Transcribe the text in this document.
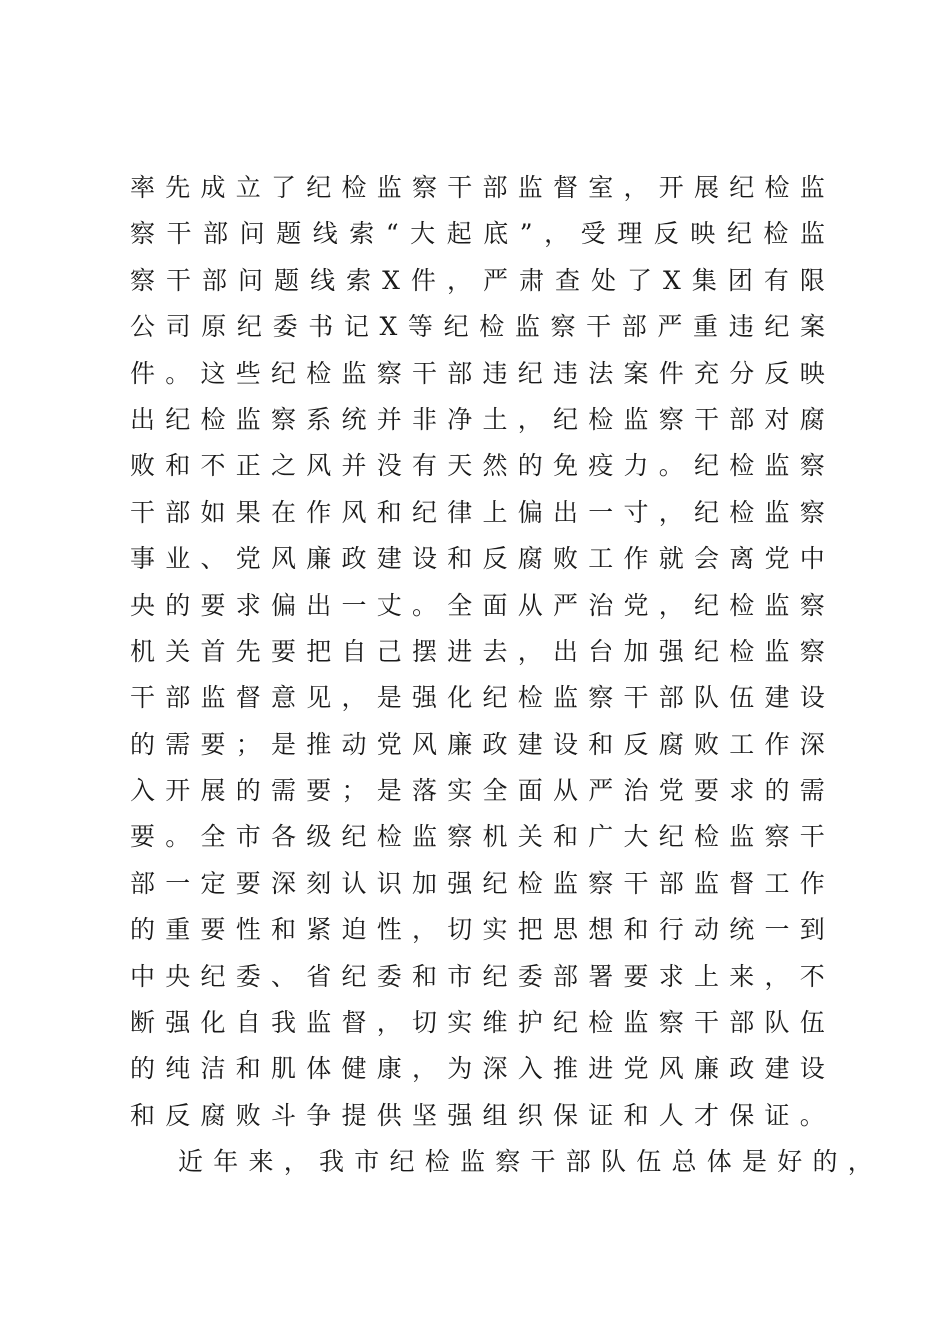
率 先 成 立 了 纪 检 监 察 干 部 监 督 室 ， 开 展 纪 检 监
察 干 部 问 题 线 索 “ 大 起 底 ” ， 受 理 反 映 纪 检 监
察 干 部 问 题 线 索 X 件 ， 严 肃 查 处 了 X 集 团 有 限
公 司 原 纪 委 书 记 X 等 纪 检 监 察 干 部 严 重 违 纪 案
件 。 这 些 纪 检 监 察 干 部 违 纪 违 法 案 件 充 分 反 映
出 纪 检 监 察 系 统 并 非 净 土 ， 纪 检 监 察 干 部 对 腐
败 和 不 正 之 风 并 没 有 天 然 的 免 疫 力 。 纪 检 监 察
干 部 如 果 在 作 风 和 纪 律 上 偏 出 一 寸 ， 纪 检 监 察
事 业 、 党 风 廉 政 建 设 和 反 腐 败 工 作 就 会 离 党 中
央 的 要 求 偏 出 一 丈 。 全 面 从 严 治 党 ， 纪 检 监 察
机 关 首 先 要 把 自 己 摆 进 去 ， 出 台 加 强 纪 检 监 察
干 部 监 督 意 见 ， 是 强 化 纪 检 监 察 干 部 队 伍 建 设
的 需 要 ； 是 推 动 党 风 廉 政 建 设 和 反 腐 败 工 作 深
入 开 展 的 需 要 ； 是 落 实 全 面 从 严 治 党 要 求 的 需
要 。 全 市 各 级 纪 检 监 察 机 关 和 广 大 纪 检 监 察 干
部 一 定 要 深 刻 认 识 加 强 纪 检 监 察 干 部 监 督 工 作
的 重 要 性 和 紧 迫 性 ， 切 实 把 思 想 和 行 动 统 一 到
中 央 纪 委 、 省 纪 委 和 市 纪 委 部 署 要 求 上 来 ， 不
断 强 化 自 我 监 督 ， 切 实 维 护 纪 检 监 察 干 部 队 伍
的 纯 洁 和 肌 体 健 康 ， 为 深 入 推 进 党 风 廉 政 建 设
和 反 腐 败 斗 争 提 供 坚 强 组 织 保 证 和 人 才 保 证 。
近 年 来 ， 我 市 纪 检 监 察 干 部 队 伍 总 体 是 好 的 ，
